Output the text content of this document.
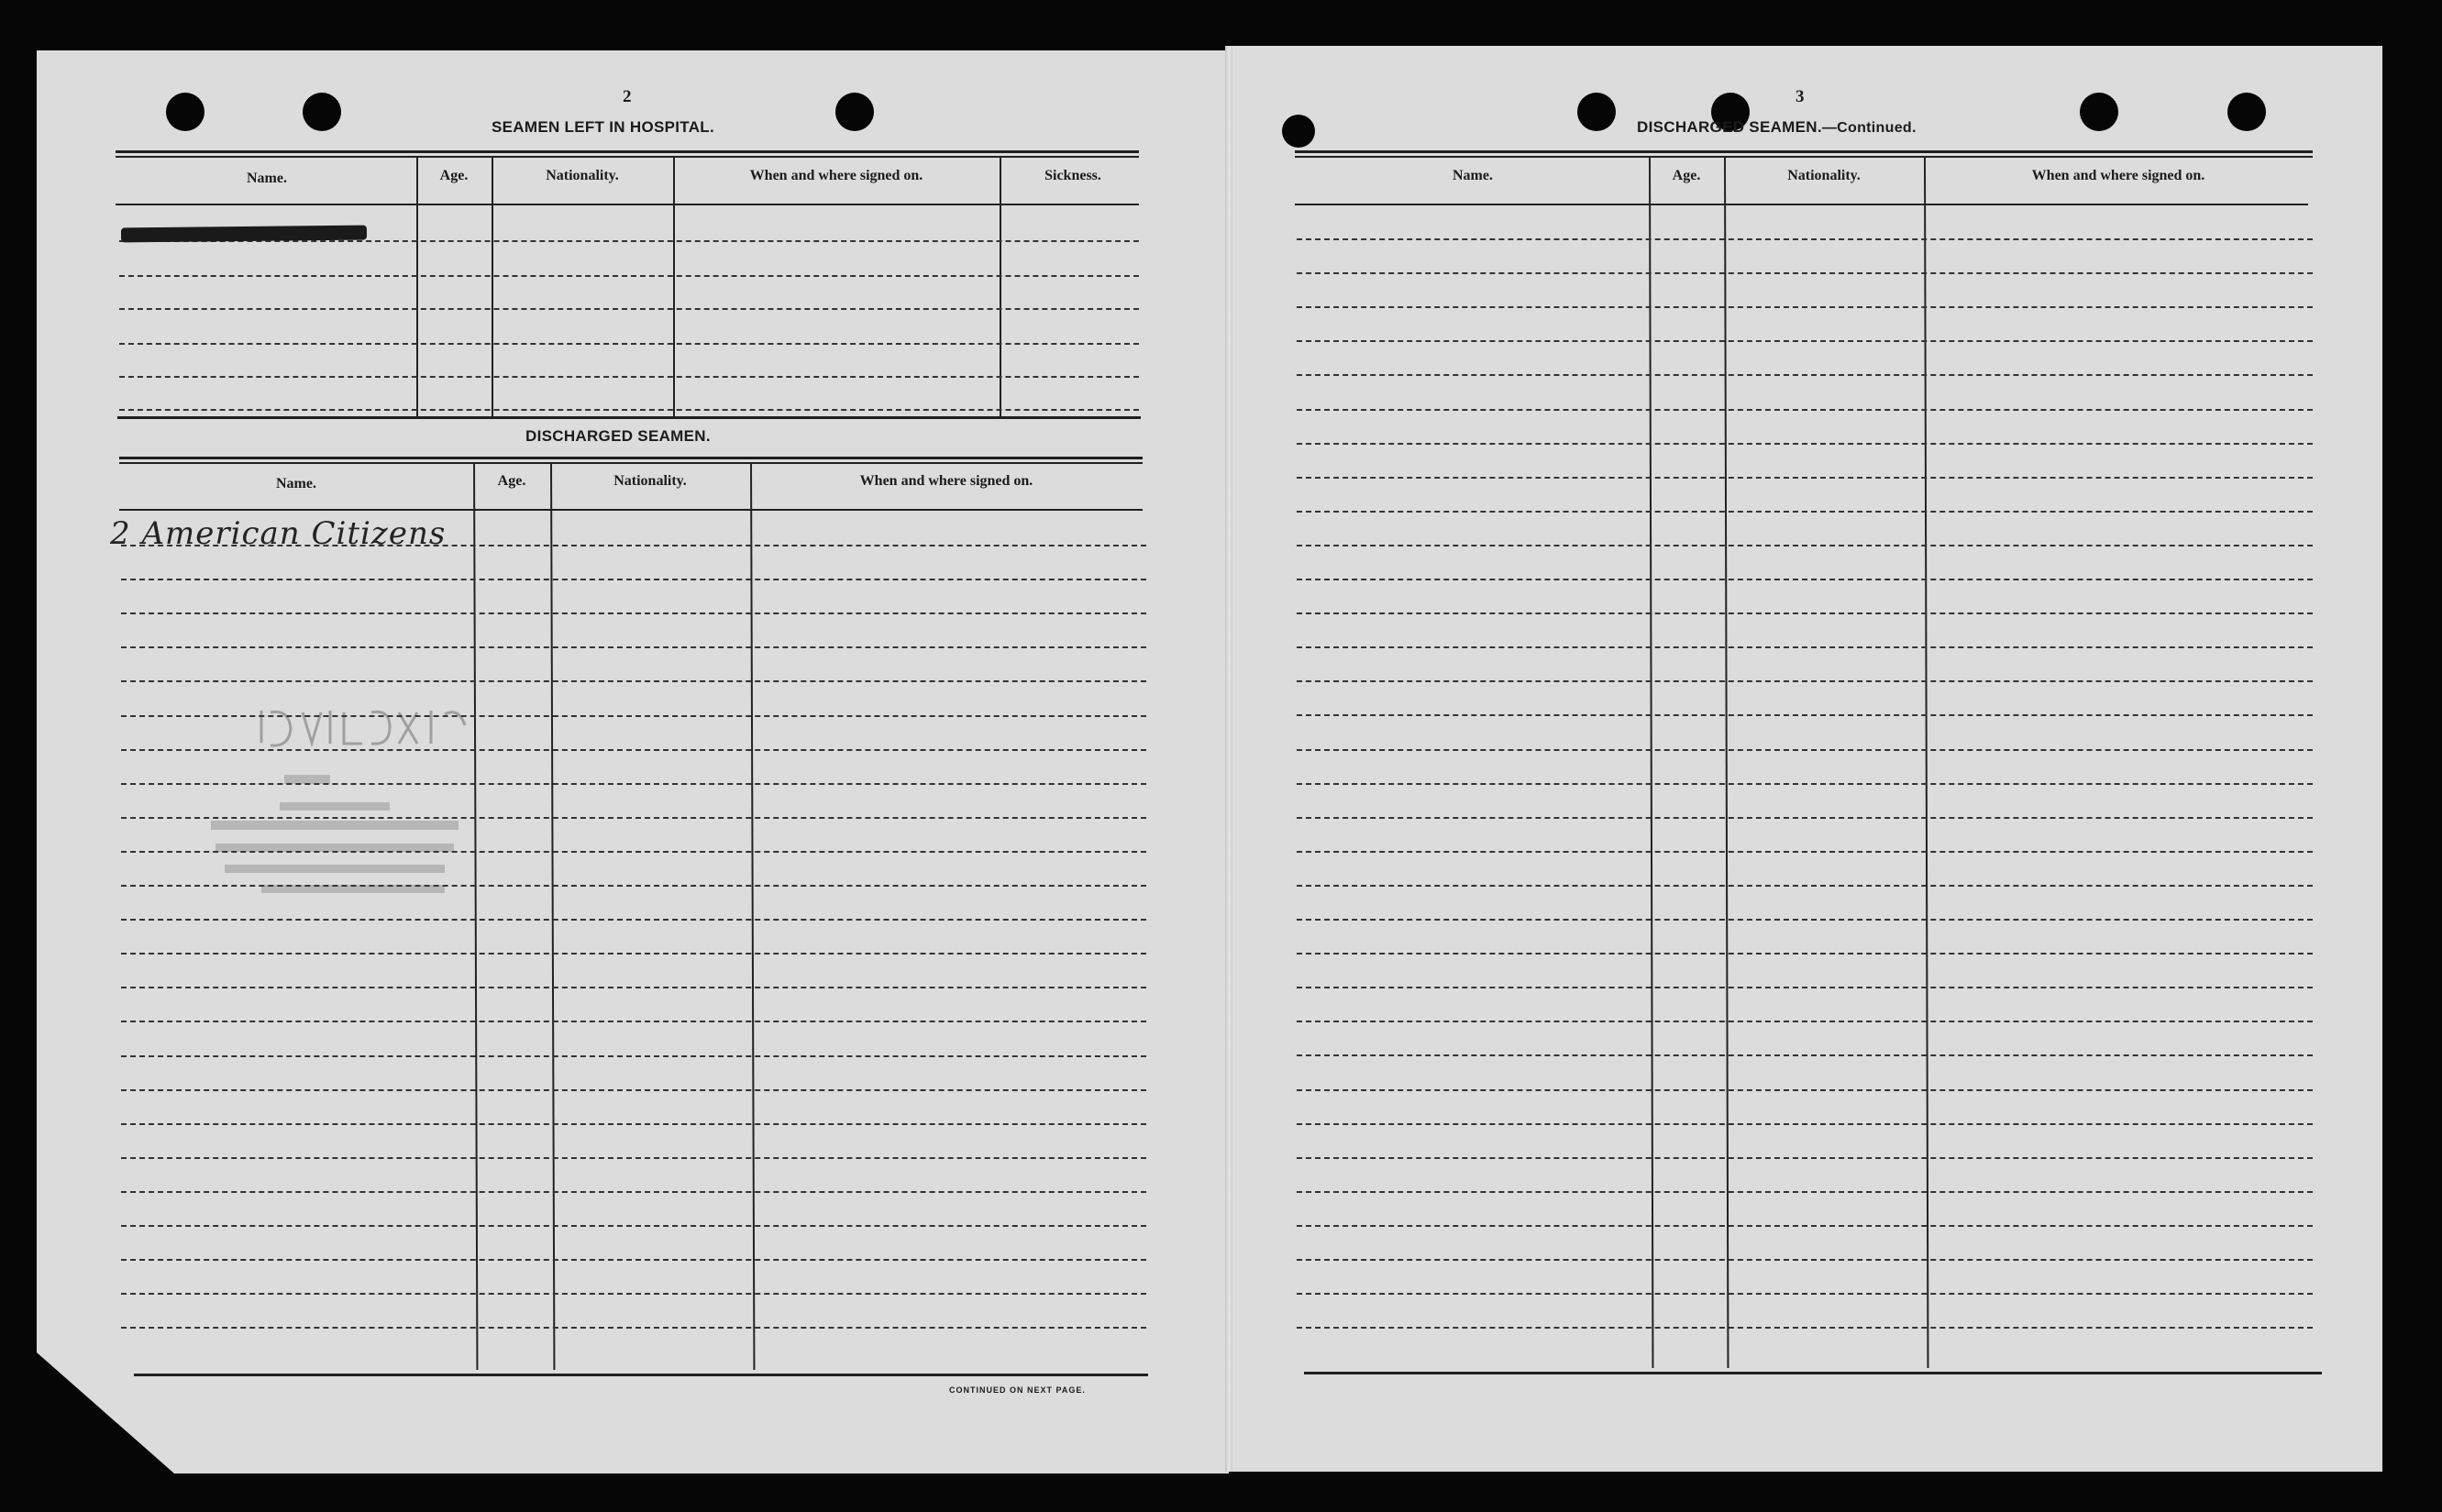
2
SEAMEN LEFT IN HOSPITAL.
Name.	Age.	Nationality.	When and where signed on.	Sickness.
DISCHARGED SEAMEN.
Name.	Age.	Nationality.	When and where signed on.
2 American Citizens
CONTINUED ON NEXT PAGE.
3
DISCHARGED SEAMEN.—Continued.
Name.	Age.	Nationality.	When and where signed on.
